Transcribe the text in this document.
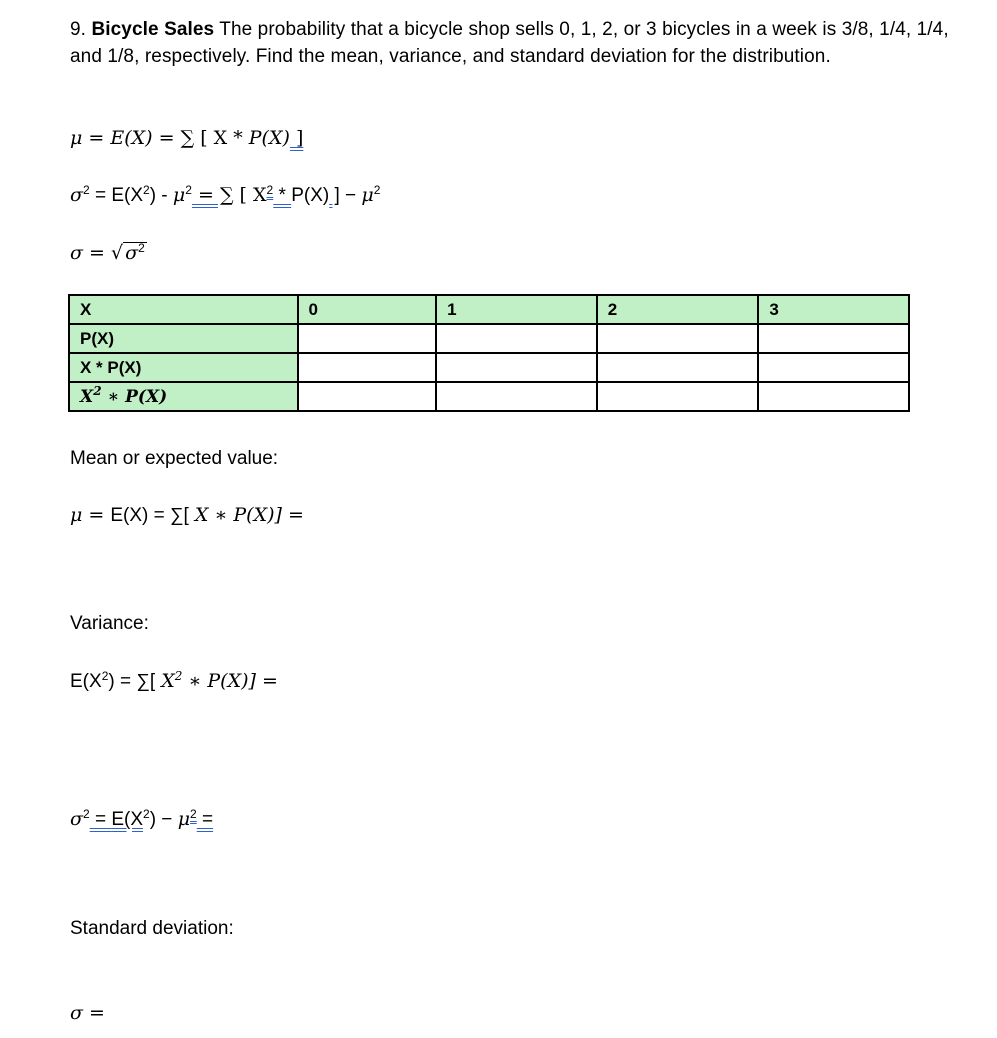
9. Bicycle Sales The probability that a bicycle shop sells 0, 1, 2, or 3 bicycles in a week is 3/8, 1/4, 1/4, and 1/8, respectively. Find the mean, variance, and standard deviation for the distribution.
μ = E(X) = ∑ [ X * P(X) ]
$\sigma^2 = E(X^2) - \mu^2$ = ∑ [ $X^2 * P(X)$ ] − $\mu^2$
σ = √ $\sigma^2$
X	0	1	2	3
P(X)				
X * P(X)				
$X^2$ ∗ P(X)				
Mean or expected value:
μ = E(X) = ∑[ X ∗ P(X)] =
Variance:
$E(X^2)$ = ∑[ $X^2$ ∗ P(X)] =
$\sigma^2 = E(X^2) - \mu^2$ =
Standard deviation:
σ =
